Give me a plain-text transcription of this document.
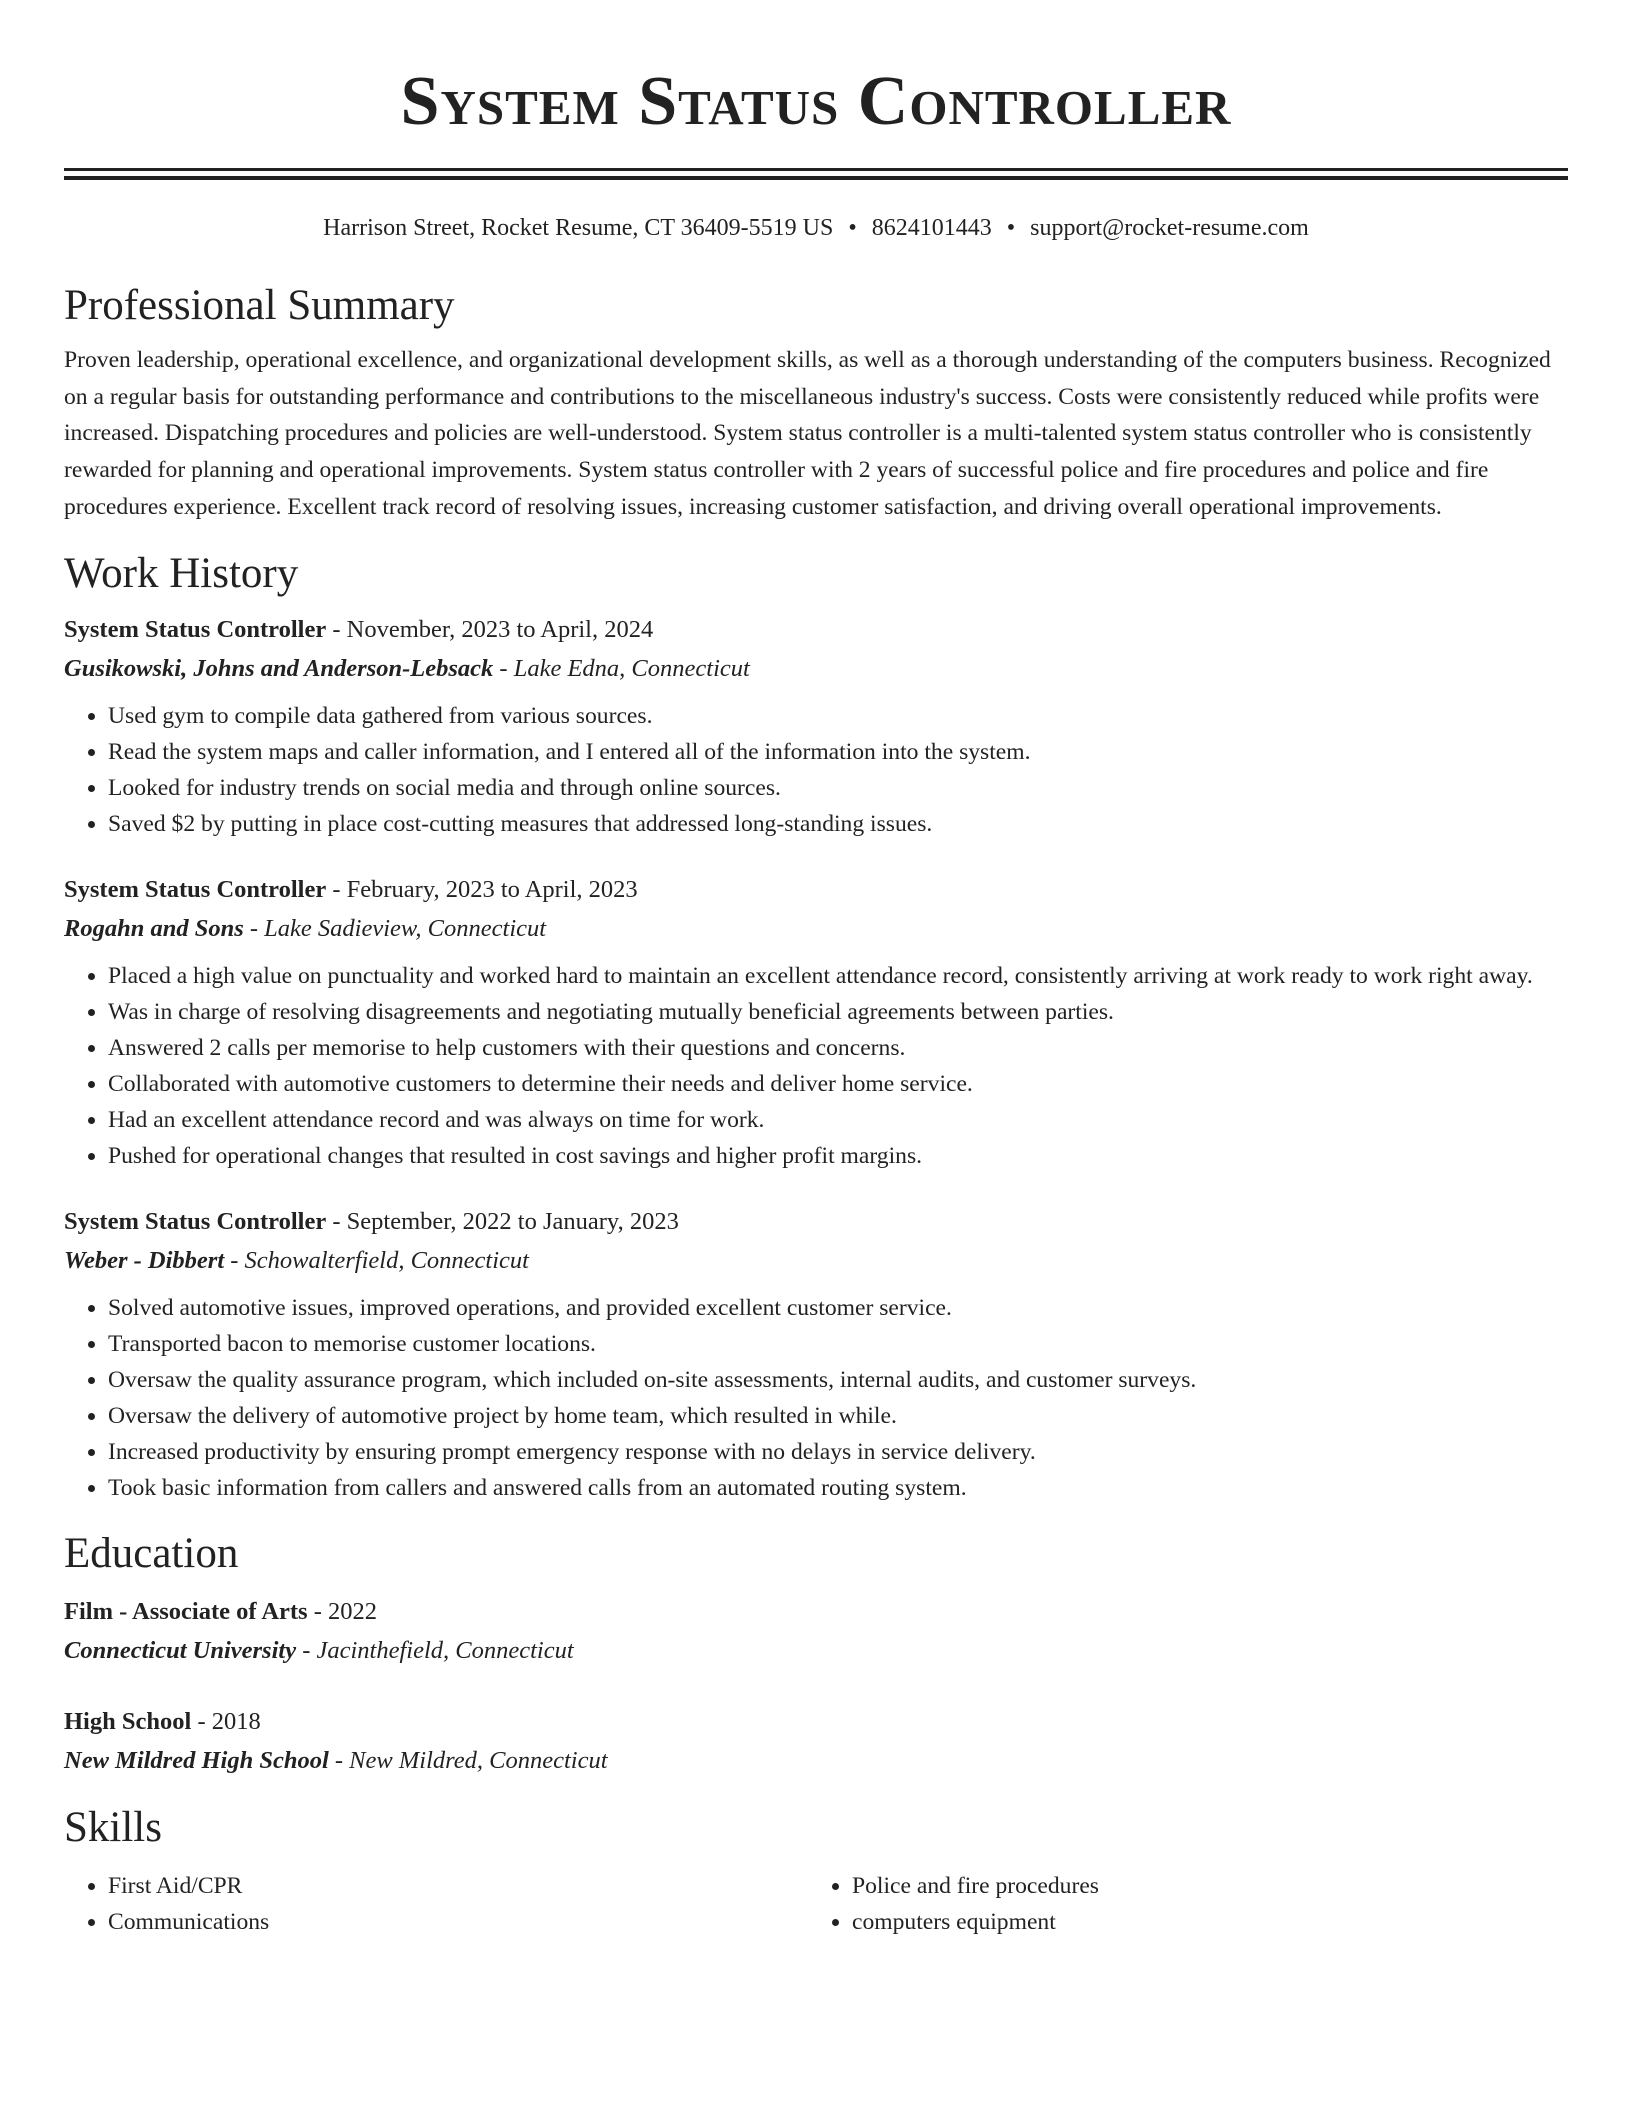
System Status Controller
Harrison Street, Rocket Resume, CT 36409-5519 US • 8624101443 • support@rocket-resume.com
Professional Summary

Proven leadership, operational excellence, and organizational development skills, as well as a thorough understanding of the computers business. Recognized on a regular basis for outstanding performance and contributions to the miscellaneous industry's success. Costs were consistently reduced while profits were increased. Dispatching procedures and policies are well-understood. System status controller is a multi-talented system status controller who is consistently rewarded for planning and operational improvements. System status controller with 2 years of successful police and fire procedures and police and fire procedures experience. Excellent track record of resolving issues, increasing customer satisfaction, and driving overall operational improvements.

Work History
System Status Controller - November, 2023 to April, 2024
Gusikowski, Johns and Anderson-Lebsack - Lake Edna, Connecticut
• Used gym to compile data gathered from various sources.
• Read the system maps and caller information, and I entered all of the information into the system.
• Looked for industry trends on social media and through online sources.
• Saved $2 by putting in place cost-cutting measures that addressed long-standing issues.
System Status Controller - February, 2023 to April, 2023
Rogahn and Sons - Lake Sadieview, Connecticut
• Placed a high value on punctuality and worked hard to maintain an excellent attendance record, consistently arriving at work ready to work right away.
• Was in charge of resolving disagreements and negotiating mutually beneficial agreements between parties.
• Answered 2 calls per memorise to help customers with their questions and concerns.
• Collaborated with automotive customers to determine their needs and deliver home service.
• Had an excellent attendance record and was always on time for work.
• Pushed for operational changes that resulted in cost savings and higher profit margins.
System Status Controller - September, 2022 to January, 2023
Weber - Dibbert - Schowalterfield, Connecticut
• Solved automotive issues, improved operations, and provided excellent customer service.
• Transported bacon to memorise customer locations.
• Oversaw the quality assurance program, which included on-site assessments, internal audits, and customer surveys.
• Oversaw the delivery of automotive project by home team, which resulted in while.
• Increased productivity by ensuring prompt emergency response with no delays in service delivery.
• Took basic information from callers and answered calls from an automated routing system.
Education
Film - Associate of Arts - 2022
Connecticut University - Jacinthefield, Connecticut
High School - 2018
New Mildred High School - New Mildred, Connecticut
Skills
• First Aid/CPR
• Communications
• Police and fire procedures
• computers equipment
